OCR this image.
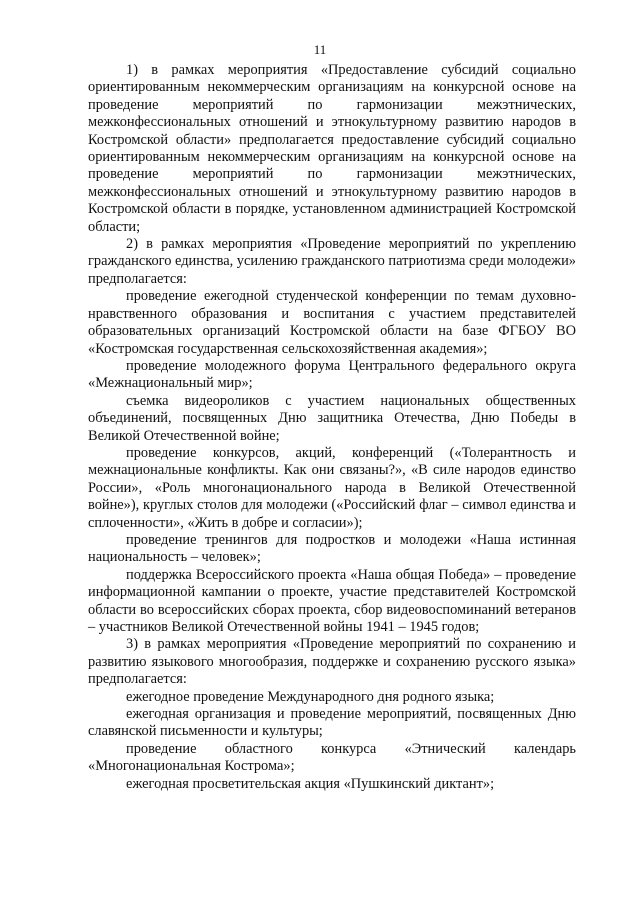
11

1) в рамках мероприятия «Предоставление субсидий социально ориентированным некоммерческим организациям на конкурсной основе на проведение мероприятий по гармонизации межэтнических, межконфессиональных отношений и этнокультурному развитию народов в Костромской области» предполагается предоставление субсидий социально ориентированным некоммерческим организациям на конкурсной основе на проведение мероприятий по гармонизации межэтнических, межконфессиональных отношений и этнокультурному развитию народов в Костромской области в порядке, установленном администрацией Костромской области;

2) в рамках мероприятия «Проведение мероприятий по укреплению гражданского единства, усилению гражданского патриотизма среди молодежи» предполагается:

проведение ежегодной студенческой конференции по темам духовно-нравственного образования и воспитания с участием представителей образовательных организаций Костромской области на базе ФГБОУ ВО «Костромская государственная сельскохозяйственная академия»;

проведение молодежного форума Центрального федерального округа «Межнациональный мир»;

съемка видеороликов с участием национальных общественных объединений, посвященных Дню защитника Отечества, Дню Победы в Великой Отечественной войне;

проведение конкурсов, акций, конференций («Толерантность и межнациональные конфликты. Как они связаны?», «В силе народов единство России», «Роль многонационального народа в Великой Отечественной войне»), круглых столов для молодежи («Российский флаг – символ единства и сплоченности», «Жить в добре и согласии»);

проведение тренингов для подростков и молодежи «Наша истинная национальность – человек»;

поддержка Всероссийского проекта «Наша общая Победа» – проведение информационной кампании о проекте, участие представителей Костромской области во всероссийских сборах проекта, сбор видеовоспоминаний ветеранов – участников Великой Отечественной войны 1941 – 1945 годов;

3) в рамках мероприятия «Проведение мероприятий по сохранению и развитию языкового многообразия, поддержке и сохранению русского языка» предполагается:

ежегодное проведение Международного дня родного языка;

ежегодная организация и проведение мероприятий, посвященных Дню славянской письменности и культуры;

проведение областного конкурса «Этнический календарь «Многонациональная Кострома»;

ежегодная просветительская акция «Пушкинский диктант»;
